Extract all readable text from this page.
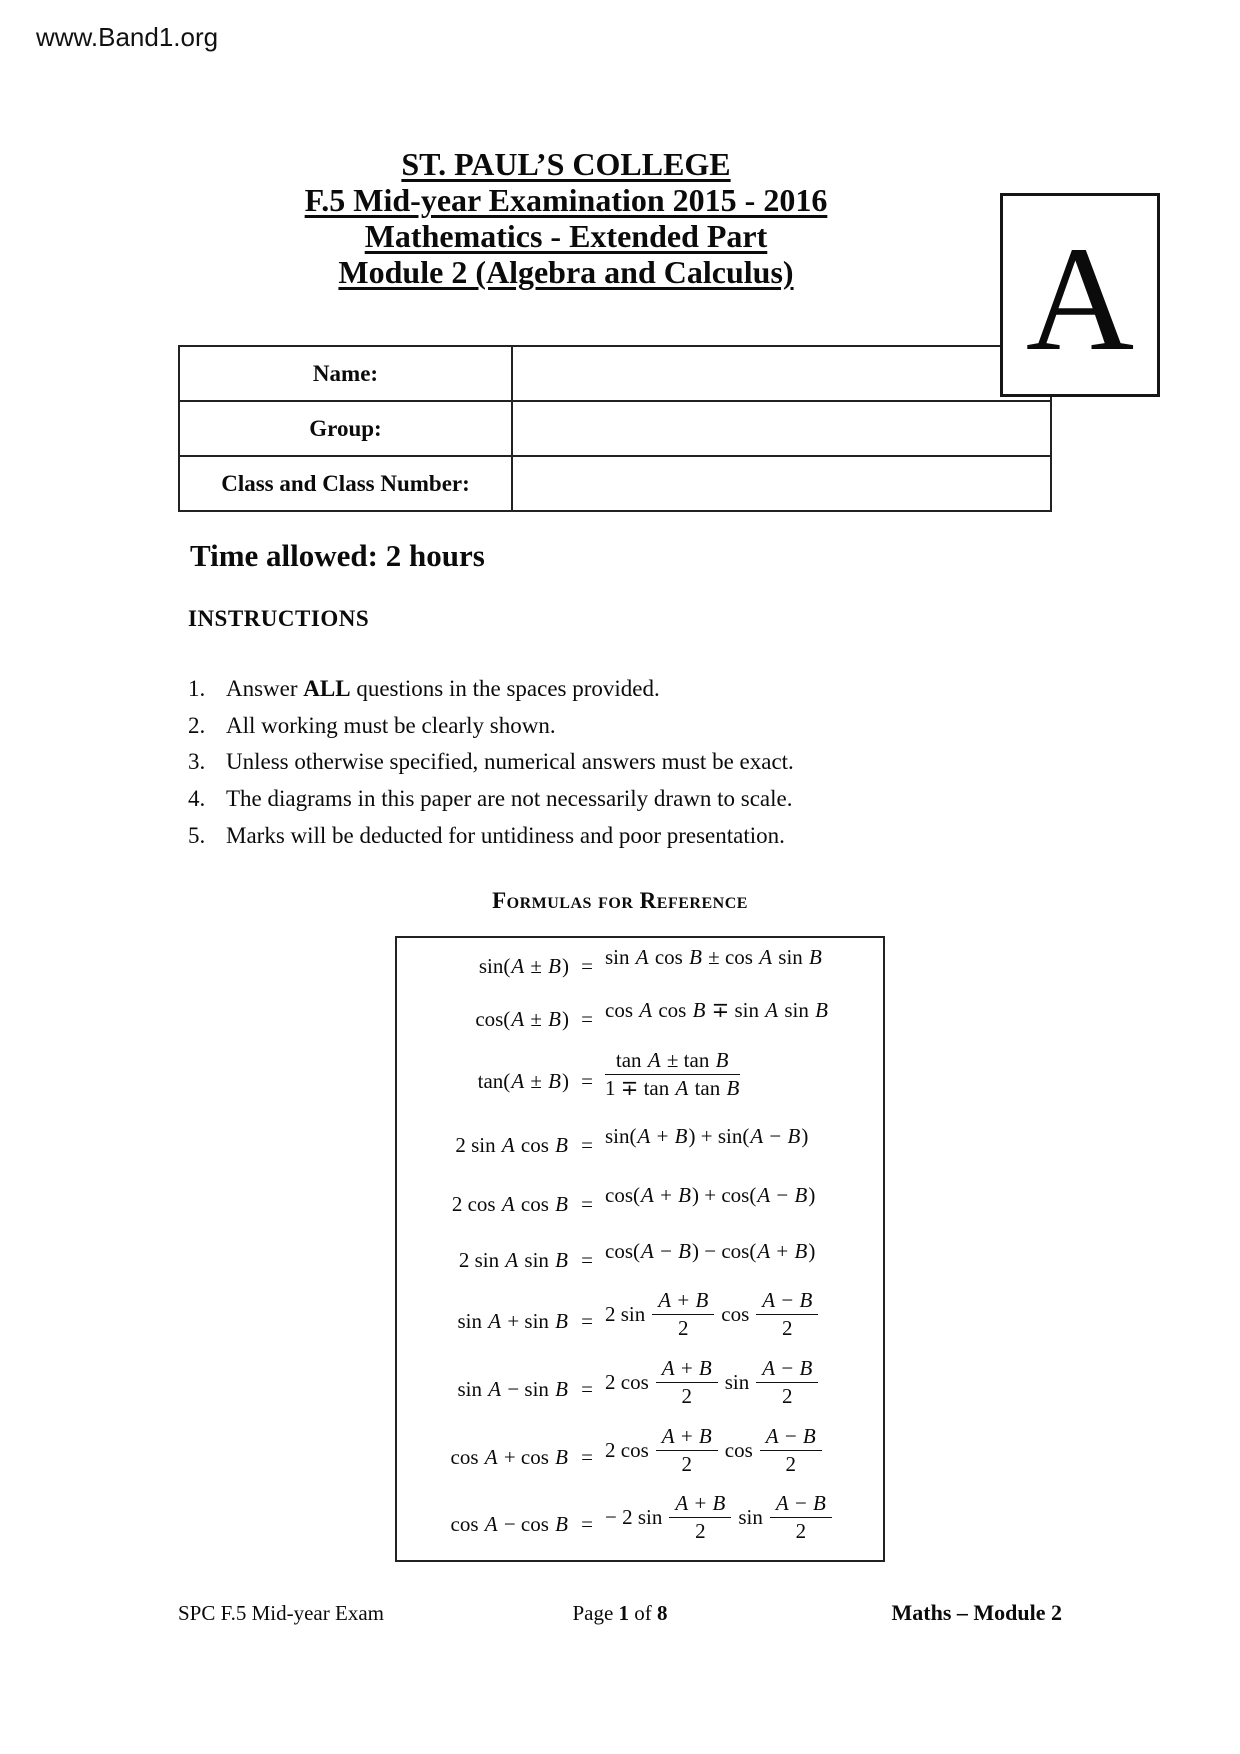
www.Band1.org
ST. PAUL’S COLLEGE
F.5 Mid-year Examination 2015 - 2016
Mathematics - Extended Part
Module 2 (Algebra and Calculus)	A
Name:
Group:
Class and Class Number:
Time allowed: 2 hours
INSTRUCTIONS
1. Answer ALL questions in the spaces provided.
2. All working must be clearly shown.
3. Unless otherwise specified, numerical answers must be exact.
4. The diagrams in this paper are not necessarily drawn to scale.
5. Marks will be deducted for untidiness and poor presentation.
Formulas for Reference
sin(A ± B) = sin A cos B ± cos A sin B
cos(A ± B) = cos A cos B ∓ sin A sin B
$\tan(A \pm B) = \frac{\text{tan A ± tan B}}{\text{1 ∓ tan A tan B}}$
2 sin A cos B = sin(A + B) + sin(A − B)
2 cos A cos B = cos(A + B) + cos(A − B)
2 sin A sin B = cos(A − B) − cos(A + B)
sin A + sin B = 2 $\sin \frac{A + B}{2}$ $\cos \frac{A - B}{2}$
sin A − sin B = 2 $\cos \frac{A + B}{2}$ $\sin \frac{A - B}{2}$
cos A + cos B = 2 $\cos \frac{A + B}{2}$ $\cos \frac{A - B}{2}$
cos A − cos B = − 2 $\sin \frac{A + B}{2}$ $\sin \frac{A - B}{2}$
SPC F.5 Mid-year Exam	Page 1 of 8	Maths – Module 2
